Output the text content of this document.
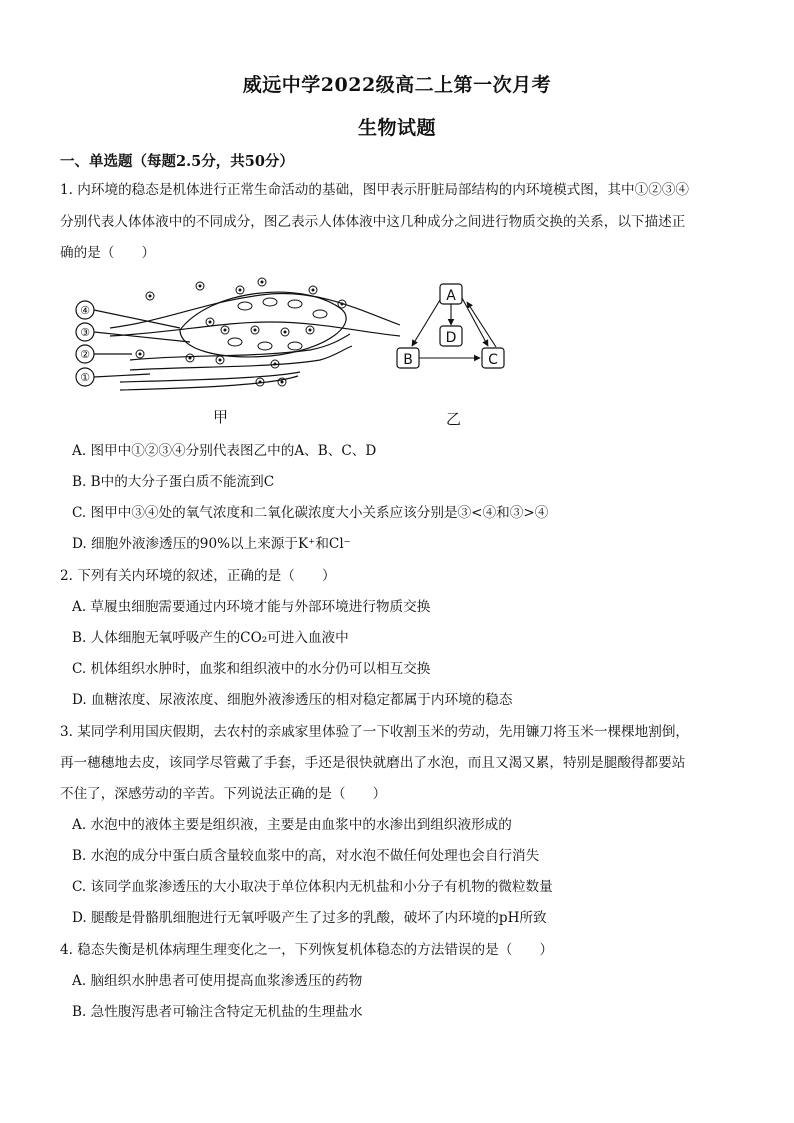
威远中学2022级高二上第一次月考
生物试题
一、单选题（每题2.5分，共50分）
1. 内环境的稳态是机体进行正常生命活动的基础，图甲表示肝脏局部结构的内环境模式图，其中①②③④
分别代表人体体液中的不同成分，图乙表示人体体液中这几种成分之间进行物质交换的关系，以下描述正
确的是（　　）
④
③
②
①
A
D
B	C
甲	乙
A. 图甲中①②③④分别代表图乙中的A、B、C、D
B. B中的大分子蛋白质不能流到C
C. 图甲中③④处的氧气浓度和二氧化碳浓度大小关系应该分别是③<④和③>④
D. 细胞外液渗透压的90%以上来源于K⁺和Cl⁻
2. 下列有关内环境的叙述，正确的是（　　）
A. 草履虫细胞需要通过内环境才能与外部环境进行物质交换
B. 人体细胞无氧呼吸产生的CO₂可进入血液中
C. 机体组织水肿时，血浆和组织液中的水分仍可以相互交换
D. 血糖浓度、尿液浓度、细胞外液渗透压的相对稳定都属于内环境的稳态
3. 某同学利用国庆假期，去农村的亲戚家里体验了一下收割玉米的劳动，先用镰刀将玉米一棵棵地割倒，
再一穗穗地去皮，该同学尽管戴了手套，手还是很快就磨出了水泡，而且又渴又累，特别是腿酸得都要站
不住了，深感劳动的辛苦。下列说法正确的是（　　）
A. 水泡中的液体主要是组织液，主要是由血浆中的水渗出到组织液形成的
B. 水泡的成分中蛋白质含量较血浆中的高，对水泡不做任何处理也会自行消失
C. 该同学血浆渗透压的大小取决于单位体积内无机盐和小分子有机物的微粒数量
D. 腿酸是骨骼肌细胞进行无氧呼吸产生了过多的乳酸，破坏了内环境的pH所致
4. 稳态失衡是机体病理生理变化之一，下列恢复机体稳态的方法错误的是（　　）
A. 脑组织水肿患者可使用提高血浆渗透压的药物
B. 急性腹泻患者可输注含特定无机盐的生理盐水
